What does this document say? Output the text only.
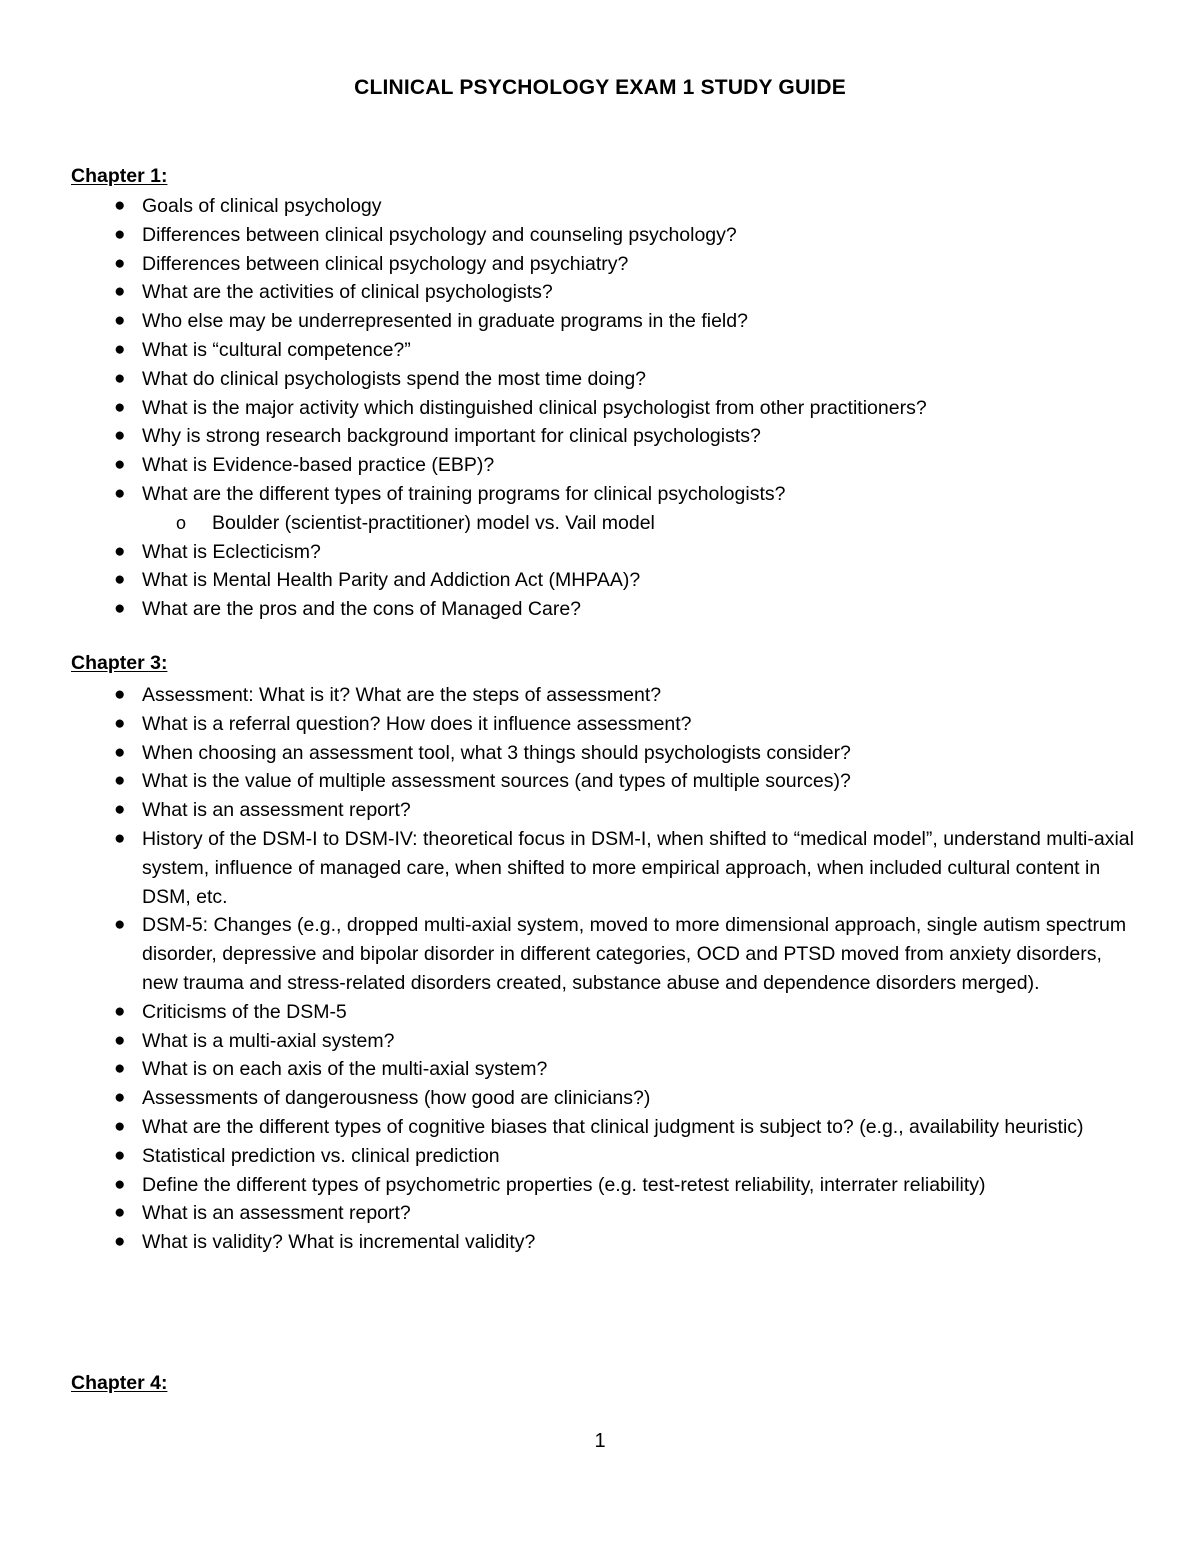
CLINICAL PSYCHOLOGY EXAM 1 STUDY GUIDE
Chapter 1:
● Goals of clinical psychology
● Differences between clinical psychology and counseling psychology?
● Differences between clinical psychology and psychiatry?
● What are the activities of clinical psychologists?
● Who else may be underrepresented in graduate programs in the field?
● What is “cultural competence?”
● What do clinical psychologists spend the most time doing?
● What is the major activity which distinguished clinical psychologist from other practitioners?
● Why is strong research background important for clinical psychologists?
● What is Evidence-based practice (EBP)?
● What are the different types of training programs for clinical psychologists?
o Boulder (scientist-practitioner) model vs. Vail model
● What is Eclecticism?
● What is Mental Health Parity and Addiction Act (MHPAA)?
● What are the pros and the cons of Managed Care?
Chapter 3:
● Assessment: What is it? What are the steps of assessment?
● What is a referral question? How does it influence assessment?
● When choosing an assessment tool, what 3 things should psychologists consider?
● What is the value of multiple assessment sources (and types of multiple sources)?
● What is an assessment report?
● History of the DSM-I to DSM-IV: theoretical focus in DSM-I, when shifted to “medical model”, understand multi-axial system, influence of managed care, when shifted to more empirical approach, when included cultural content in DSM, etc.
● DSM-5: Changes (e.g., dropped multi-axial system, moved to more dimensional approach, single autism spectrum disorder, depressive and bipolar disorder in different categories, OCD and PTSD moved from anxiety disorders, new trauma and stress-related disorders created, substance abuse and dependence disorders merged).
● Criticisms of the DSM-5
● What is a multi-axial system?
● What is on each axis of the multi-axial system?
● Assessments of dangerousness (how good are clinicians?)
● What are the different types of cognitive biases that clinical judgment is subject to? (e.g., availability heuristic)
● Statistical prediction vs. clinical prediction
● Define the different types of psychometric properties (e.g. test-retest reliability, interrater reliability)
● What is an assessment report?
● What is validity? What is incremental validity?
Chapter 4:
1
